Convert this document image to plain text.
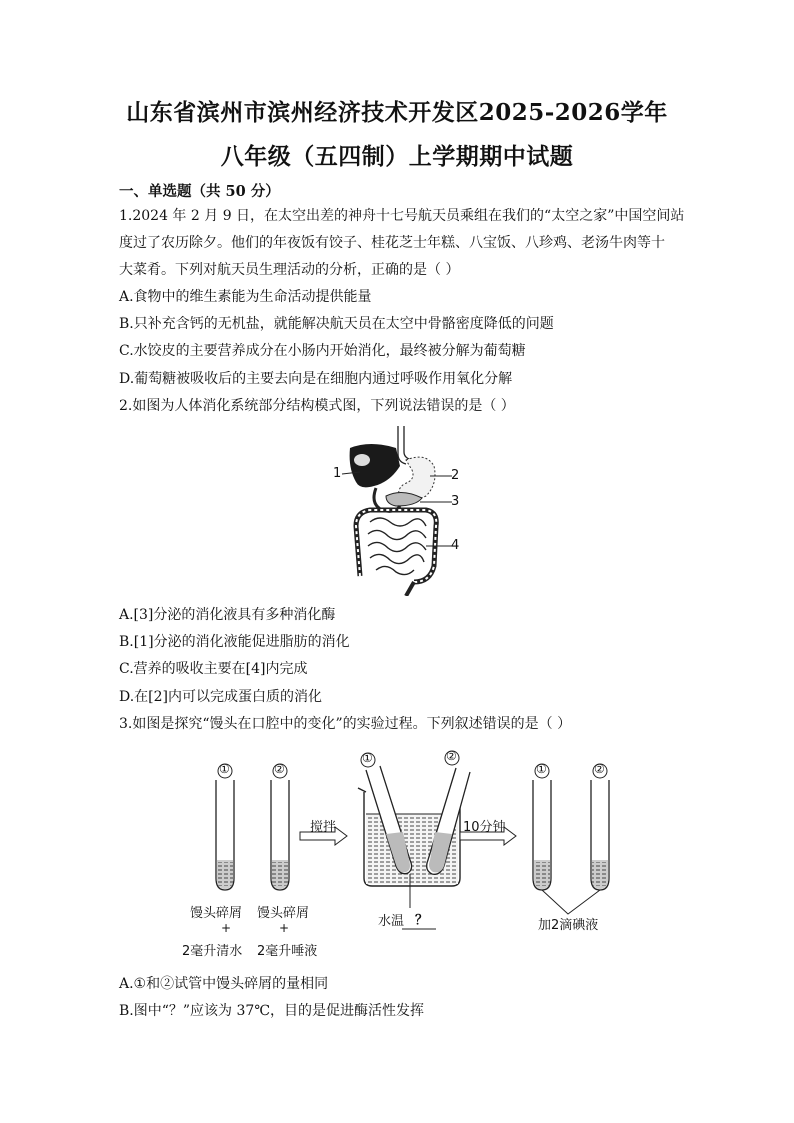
山东省滨州市滨州经济技术开发区2025-2026学年
八年级（五四制）上学期期中试题
一、单选题（共 50 分）
1.2024 年 2 月 9 日，在太空出差的神舟十七号航天员乘组在我们的“太空之家”中国空间站
度过了农历除夕。他们的年夜饭有饺子、桂花芝士年糕、八宝饭、八珍鸡、老汤牛肉等十
大菜肴。下列对航天员生理活动的分析，正确的是（ ）
A.食物中的维生素能为生命活动提供能量
B.只补充含钙的无机盐，就能解决航天员在太空中骨骼密度降低的问题
C.水饺皮的主要营养成分在小肠内开始消化，最终被分解为葡萄糖
D.葡萄糖被吸收后的主要去向是在细胞内通过呼吸作用氧化分解
2.如图为人体消化系统部分结构模式图，下列说法错误的是（ ）
1	2
3
4
A.[3]分泌的消化液具有多种消化酶
B.[1]分泌的消化液能促进脂肪的消化
C.营养的吸收主要在[4]内完成
D.在[2]内可以完成蛋白质的消化
3.如图是探究“馒头在口腔中的变化”的实验过程。下列叙述错误的是（ ）
①	②
①	②
①	②
搅拌	10分钟
馒头碎屑
+
2毫升清水
馒头碎屑
+
2毫升唾液
水温 ？	加2滴碘液
A.①和②试管中馒头碎屑的量相同
B.图中“？”应该为 37℃，目的是促进酶活性发挥
